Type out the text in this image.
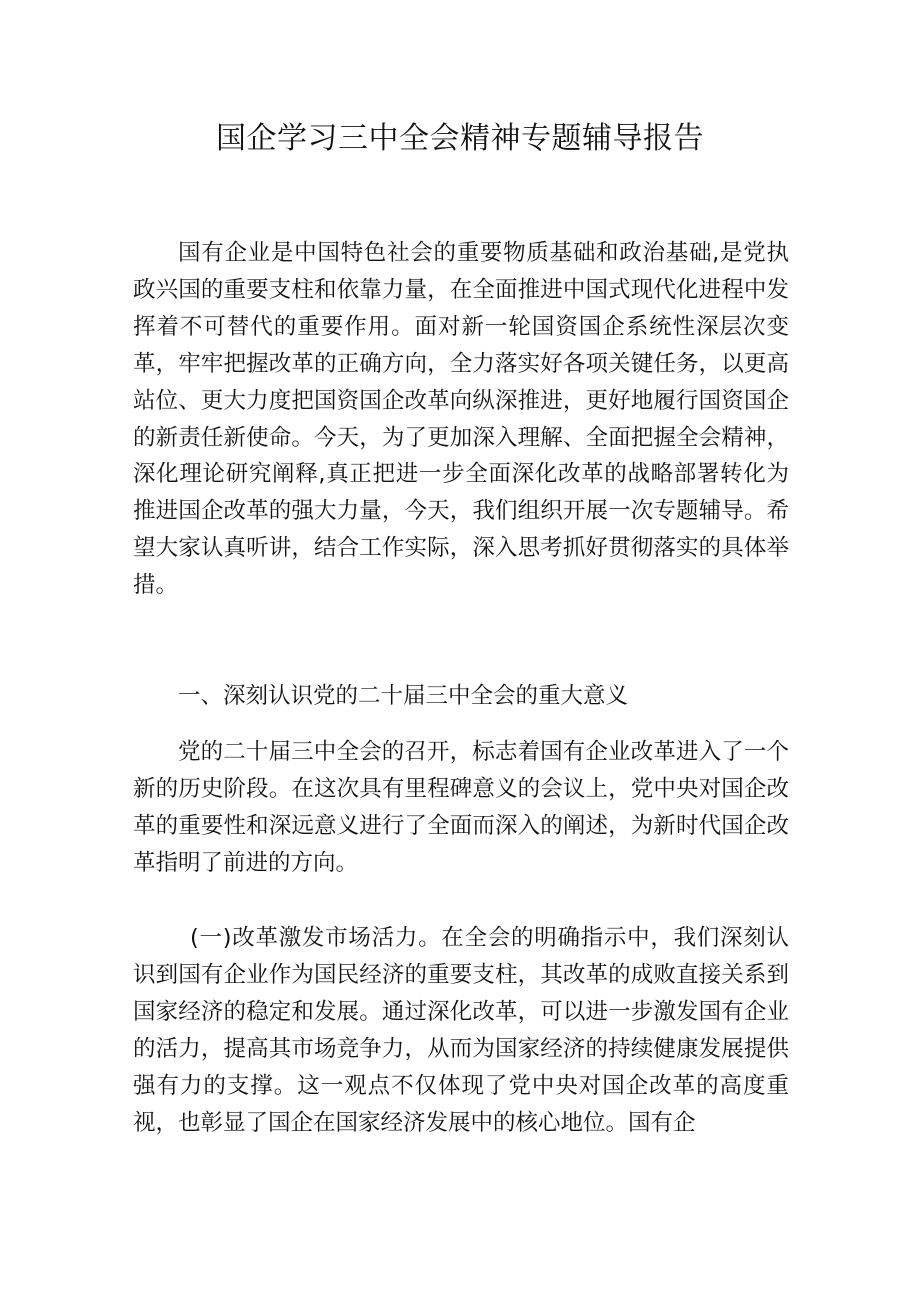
国企学习三中全会精神专题辅导报告

国有企业是中国特色社会的重要物质基础和政治基础,是党执政兴国的重要支柱和依靠力量，在全面推进中国式现代化进程中发挥着不可替代的重要作用。面对新一轮国资国企系统性深层次变革，牢牢把握改革的正确方向，全力落实好各项关键任务，以更高站位、更大力度把国资国企改革向纵深推进，更好地履行国资国企的新责任新使命。今天，为了更加深入理解、全面把握全会精神，深化理论研究阐释,真正把进一步全面深化改革的战略部署转化为推进国企改革的强大力量，今天，我们组织开展一次专题辅导。希望大家认真听讲，结合工作实际，深入思考抓好贯彻落实的具体举措。

一、深刻认识党的二十届三中全会的重大意义

党的二十届三中全会的召开，标志着国有企业改革进入了一个新的历史阶段。在这次具有里程碑意义的会议上，党中央对国企改革的重要性和深远意义进行了全面而深入的阐述，为新时代国企改革指明了前进的方向。

(一)改革激发市场活力。在全会的明确指示中，我们深刻认识到国有企业作为国民经济的重要支柱，其改革的成败直接关系到国家经济的稳定和发展。通过深化改革，可以进一步激发国有企业的活力，提高其市场竞争力，从而为国家经济的持续健康发展提供强有力的支撑。这一观点不仅体现了党中央对国企改革的高度重视，也彰显了国企在国家经济发展中的核心地位。国有企
